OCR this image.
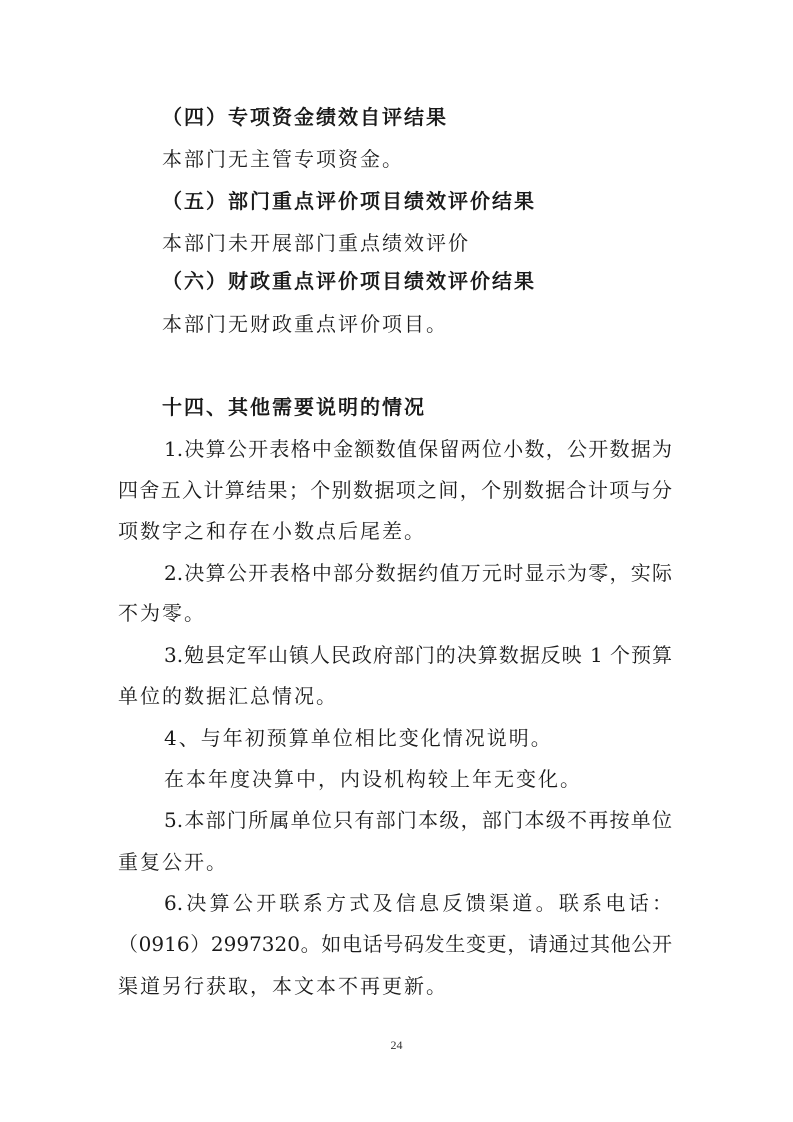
（四）专项资金绩效自评结果
本部门无主管专项资金。
（五）部门重点评价项目绩效评价结果
本部门未开展部门重点绩效评价
（六）财政重点评价项目绩效评价结果
本部门无财政重点评价项目。
十四、其他需要说明的情况
1.决算公开表格中金额数值保留两位小数，公开数据为
四舍五入计算结果；个别数据项之间，个别数据合计项与分
项数字之和存在小数点后尾差。
2.决算公开表格中部分数据约值万元时显示为零，实际
不为零。
3.勉县定军山镇人民政府部门的决算数据反映 1 个预算
单位的数据汇总情况。
4、与年初预算单位相比变化情况说明。
在本年度决算中，内设机构较上年无变化。
5.本部门所属单位只有部门本级，部门本级不再按单位
重复公开。
6.决算公开联系方式及信息反馈渠道。联系电话：
（0916）2997320。如电话号码发生变更，请通过其他公开
渠道另行获取，本文本不再更新。
24
